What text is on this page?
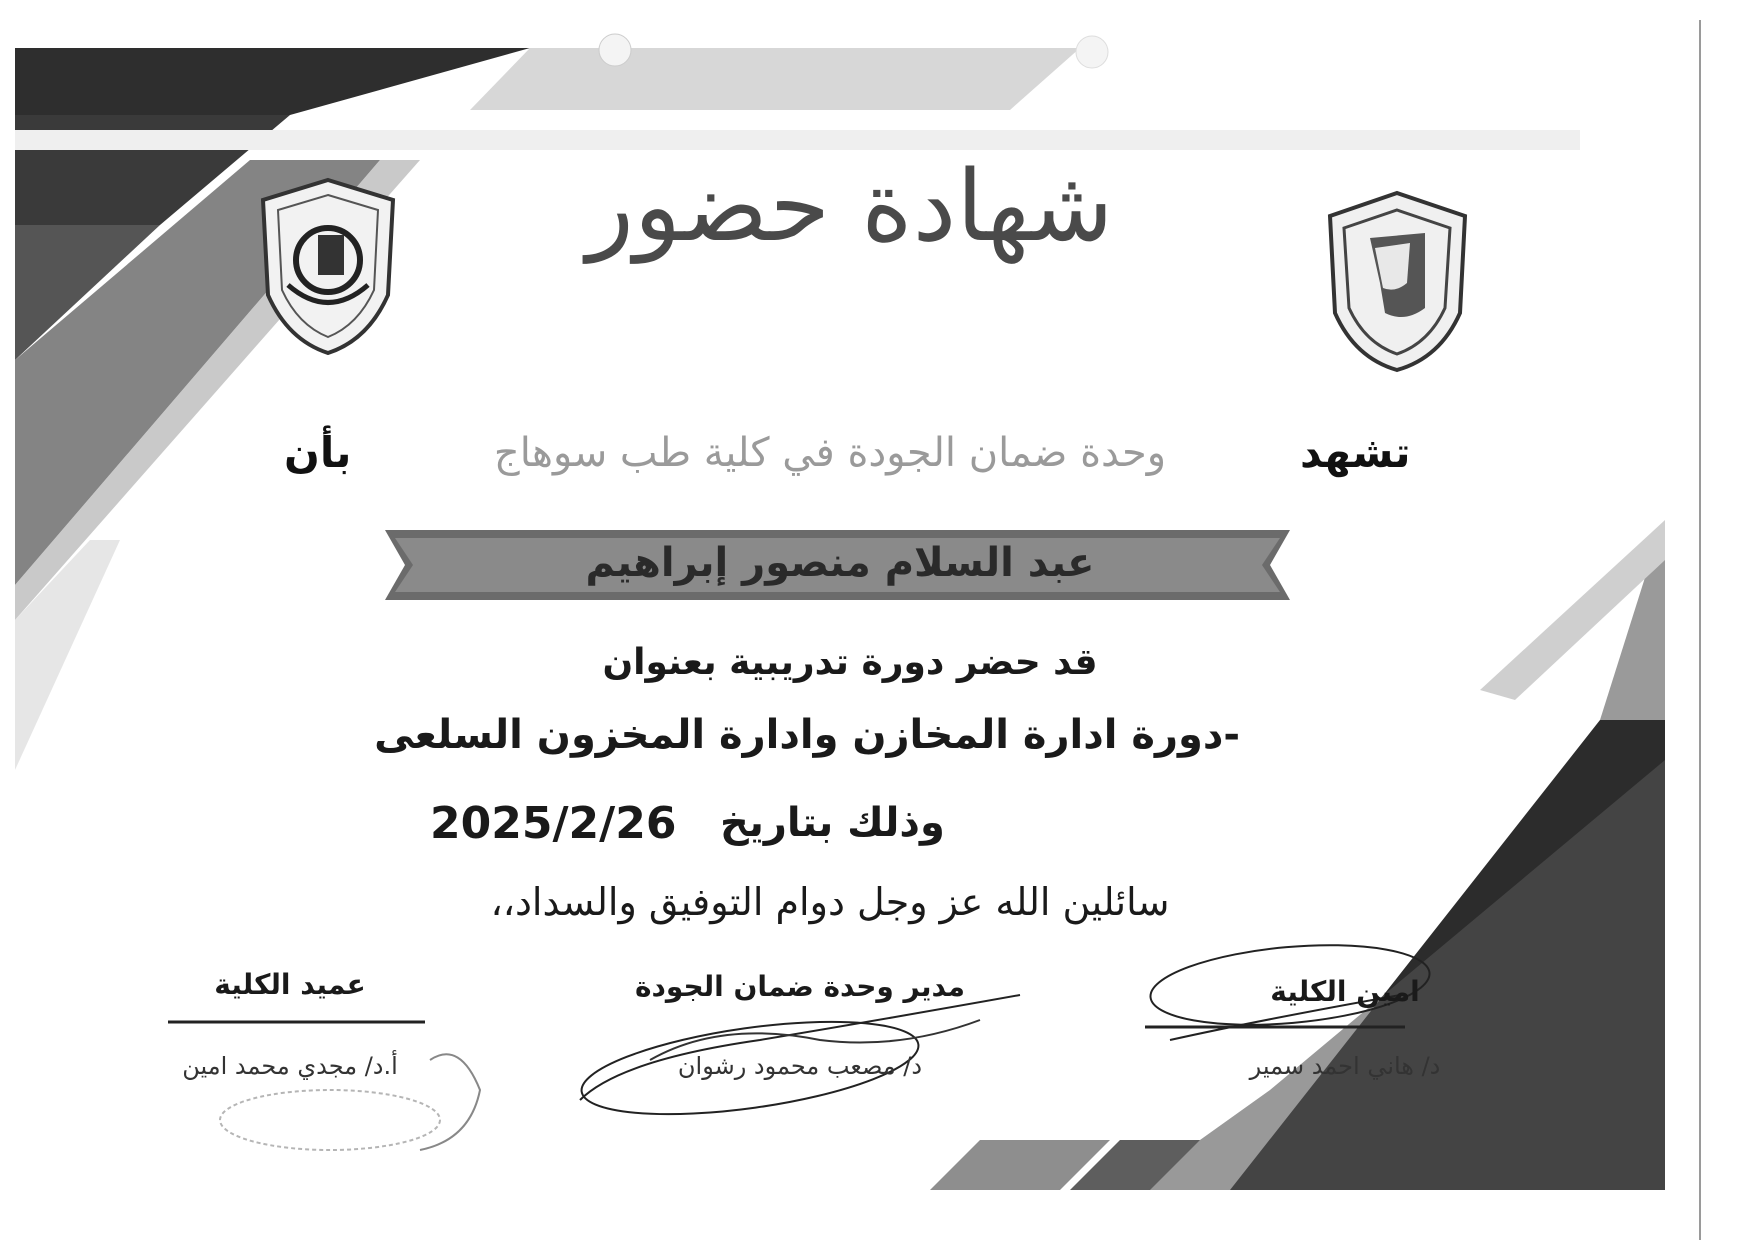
شهادة حضور
تشهد
وحدة ضمان الجودة في كلية طب سوهاج
بأن
عبد السلام منصور إبراهيم
قد حضر دورة تدريبية بعنوان
-دورة ادارة المخازن وادارة المخزون السلعى
وذلك بتاريخ
2025/2/26
سائلين الله عز وجل دوام التوفيق والسداد،،
امين الكلية
د/ هاني احمد سمير
مدير وحدة ضمان الجودة
د/ مصعب محمود رشوان
عميد الكلية
أ.د/ مجدي محمد امين
